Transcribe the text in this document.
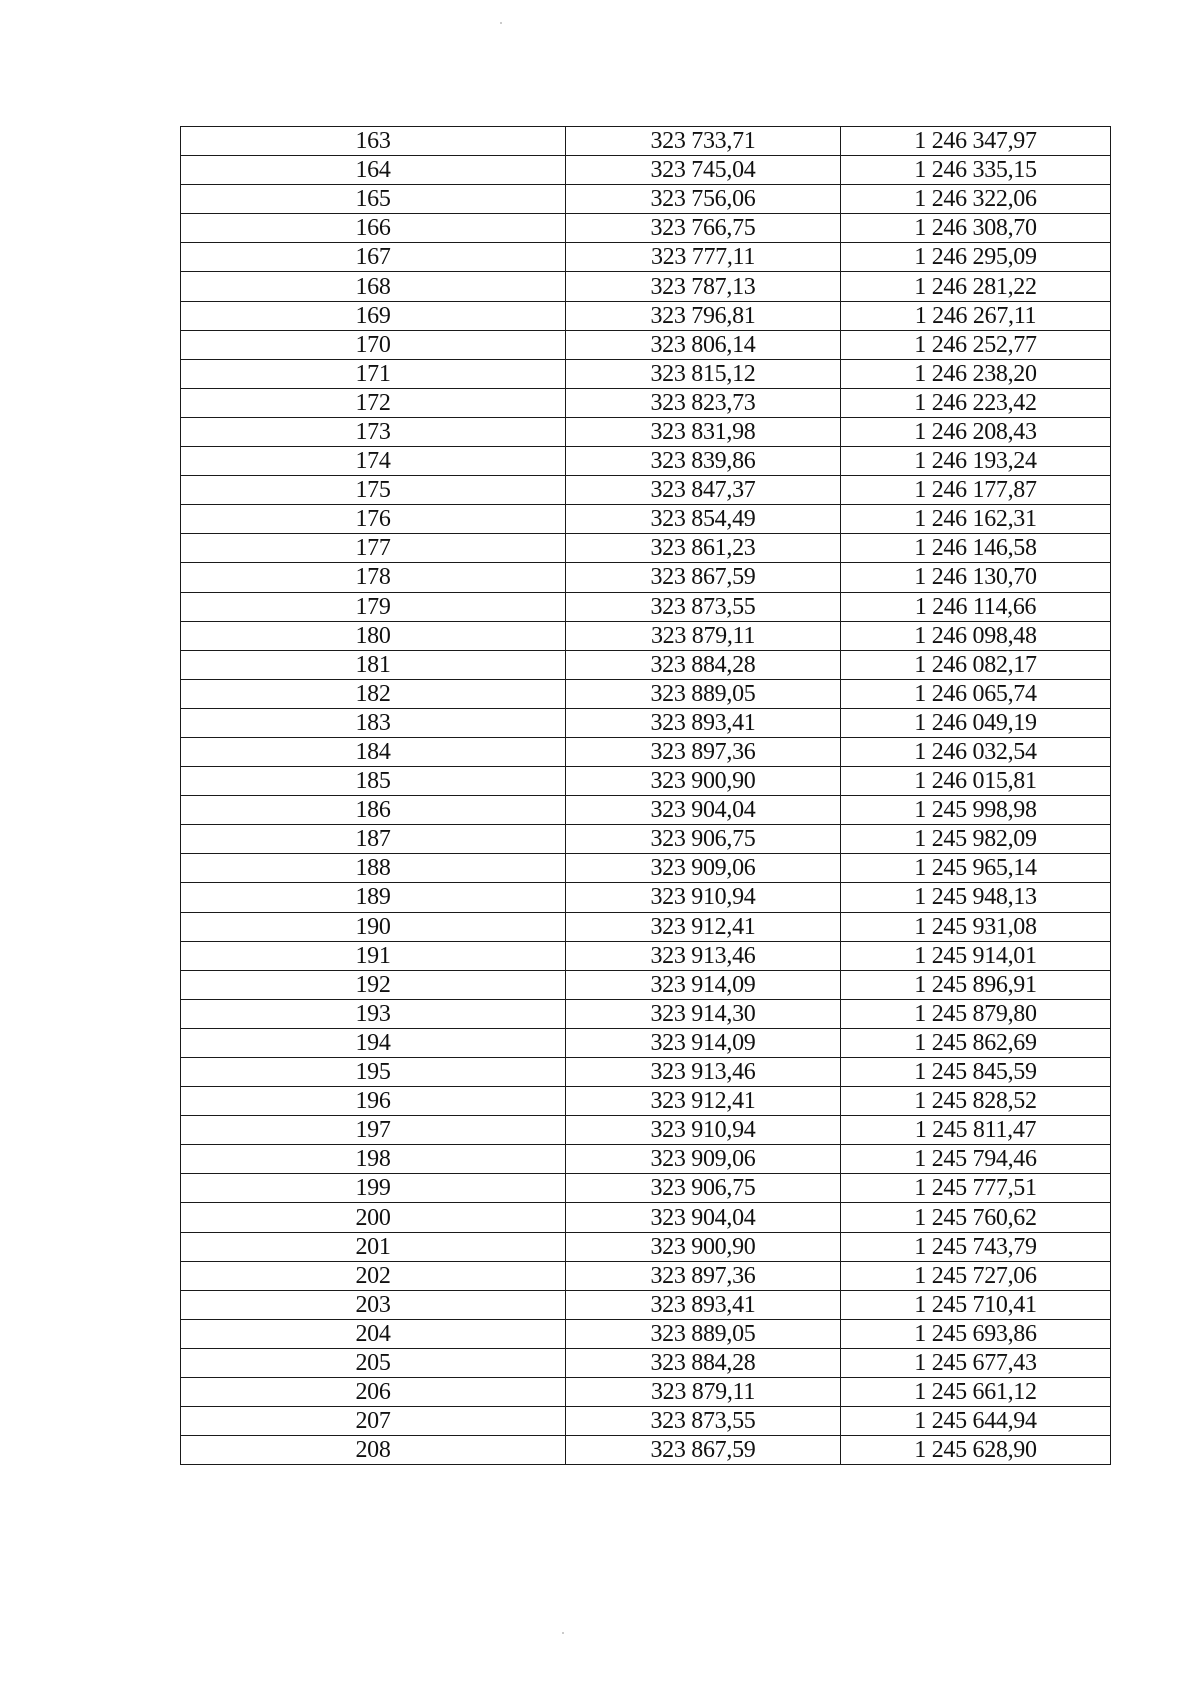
163	323 733,71	1 246 347,97
164	323 745,04	1 246 335,15
165	323 756,06	1 246 322,06
166	323 766,75	1 246 308,70
167	323 777,11	1 246 295,09
168	323 787,13	1 246 281,22
169	323 796,81	1 246 267,11
170	323 806,14	1 246 252,77
171	323 815,12	1 246 238,20
172	323 823,73	1 246 223,42
173	323 831,98	1 246 208,43
174	323 839,86	1 246 193,24
175	323 847,37	1 246 177,87
176	323 854,49	1 246 162,31
177	323 861,23	1 246 146,58
178	323 867,59	1 246 130,70
179	323 873,55	1 246 114,66
180	323 879,11	1 246 098,48
181	323 884,28	1 246 082,17
182	323 889,05	1 246 065,74
183	323 893,41	1 246 049,19
184	323 897,36	1 246 032,54
185	323 900,90	1 246 015,81
186	323 904,04	1 245 998,98
187	323 906,75	1 245 982,09
188	323 909,06	1 245 965,14
189	323 910,94	1 245 948,13
190	323 912,41	1 245 931,08
191	323 913,46	1 245 914,01
192	323 914,09	1 245 896,91
193	323 914,30	1 245 879,80
194	323 914,09	1 245 862,69
195	323 913,46	1 245 845,59
196	323 912,41	1 245 828,52
197	323 910,94	1 245 811,47
198	323 909,06	1 245 794,46
199	323 906,75	1 245 777,51
200	323 904,04	1 245 760,62
201	323 900,90	1 245 743,79
202	323 897,36	1 245 727,06
203	323 893,41	1 245 710,41
204	323 889,05	1 245 693,86
205	323 884,28	1 245 677,43
206	323 879,11	1 245 661,12
207	323 873,55	1 245 644,94
208	323 867,59	1 245 628,90
